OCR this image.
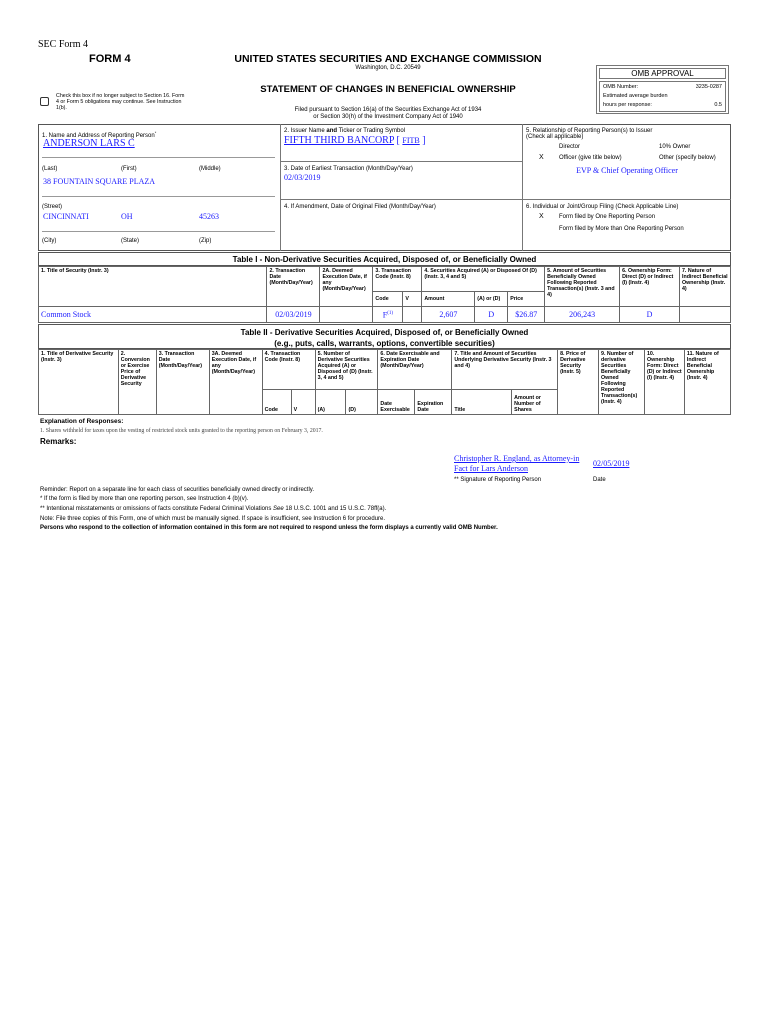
SEC Form 4
FORM 4	UNITED STATES SECURITIES AND EXCHANGE COMMISSION
Washington, D.C. 20549
STATEMENT OF CHANGES IN BENEFICIAL OWNERSHIP
Filed pursuant to Section 16(a) of the Securities Exchange Act of 1934
or Section 30(h) of the Investment Company Act of 1940
Check this box if no longer subject to Section 16. Form 4 or Form 5 obligations may continue. See Instruction 1(b).
OMB APPROVAL
OMB Number:	3235-0287
Estimated average burden
hours per response:	0.5
1. Name and Address of Reporting Person*
ANDERSON LARS C
(Last)	(First)	(Middle)
38 FOUNTAIN SQUARE PLAZA
(Street)
CINCINNATI	OH	45263
(City)	(State)	(Zip)
2. Issuer Name and Ticker or Trading Symbol
FIFTH THIRD BANCORP [ FITB ]
3. Date of Earliest Transaction (Month/Day/Year)
02/03/2019
4. If Amendment, Date of Original Filed (Month/Day/Year)
5. Relationship of Reporting Person(s) to Issuer
(Check all applicable)
Director	10% Owner
X	Officer (give title below)	Other (specify below)
EVP & Chief Operating Officer
6. Individual or Joint/Group Filing (Check Applicable Line)
X	Form filed by One Reporting Person
Form filed by More than One Reporting Person
Table I - Non-Derivative Securities Acquired, Disposed of, or Beneficially Owned
1. Title of Security (Instr. 3)	2. Transaction Date (Month/Day/Year)	2A. Deemed Execution Date, if any (Month/Day/Year)	3. Transaction Code (Instr. 8)		4. Securities Acquired (A) or Disposed Of (D) (Instr. 3, 4 and 5)			5. Amount of Securities Beneficially Owned Following Reported Transaction(s) (Instr. 3 and 4)	6. Ownership Form: Direct (D) or Indirect (I) (Instr. 4)	7. Nature of Indirect Beneficial Ownership (Instr. 4)
			Code	V	Amount	(A) or (D)	Price			
Common Stock	02/03/2019		$F^{(1)}$		2,607	D	$26.87	206,243	D	
Table II - Derivative Securities Acquired, Disposed of, or Beneficially Owned
(e.g., puts, calls, warrants, options, convertible securities)
1. Title of Derivative Security (Instr. 3)	2. Conversion or Exercise Price of Derivative Security	3. Transaction Date (Month/Day/Year)	3A. Deemed Execution Date, if any (Month/Day/Year)	4. Transaction Code (Instr. 8)		5. Number of Derivative Securities Acquired (A) or Disposed of (D) (Instr. 3, 4 and 5)		6. Date Exercisable and Expiration Date (Month/Day/Year)		7. Title and Amount of Securities Underlying Derivative Security (Instr. 3 and 4)		8. Price of Derivative Security (Instr. 5)	9. Number of derivative Securities Beneficially Owned Following Reported Transaction(s) (Instr. 4)	10. Ownership Form: Direct (D) or Indirect (I) (Instr. 4)	11. Nature of Indirect Beneficial Ownership (Instr. 4)
				Code	V	(A)	(D)	Date Exercisable	Expiration Date	Title	Amount or Number of Shares				
Explanation of Responses:
1. Shares withheld for taxes upon the vesting of restricted stock units granted to the reporting person on February 3, 2017.
Remarks:
Christopher R. England, as Attorney-in
Fact for Lars Anderson
02/05/2019
** Signature of Reporting Person	Date
Reminder: Report on a separate line for each class of securities beneficially owned directly or indirectly.
* If the form is filed by more than one reporting person, see Instruction 4 (b)(v).
** Intentional misstatements or omissions of facts constitute Federal Criminal Violations See 18 U.S.C. 1001 and 15 U.S.C. 78ff(a).
Note: File three copies of this Form, one of which must be manually signed. If space is insufficient, see Instruction 6 for procedure.
Persons who respond to the collection of information contained in this form are not required to respond unless the form displays a currently valid OMB Number.
